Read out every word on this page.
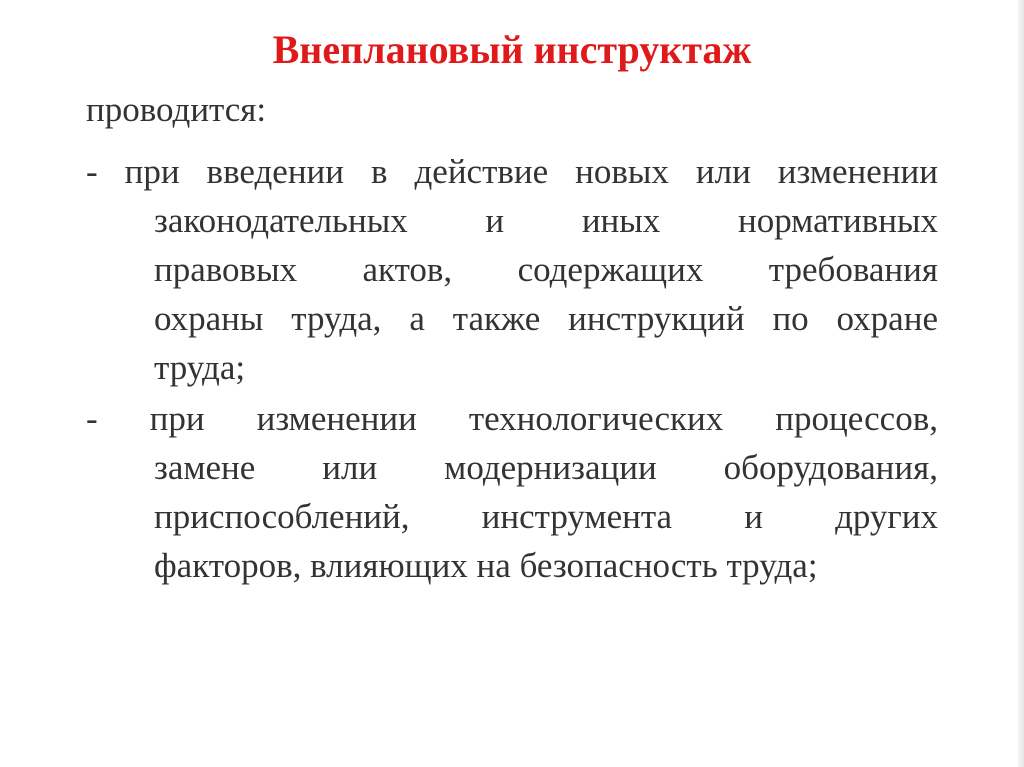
Внеплановый инструктаж

проводится:

- при введении в действие новых или изменении
законодательных и иных нормативных
правовых актов, содержащих требования
охраны труда, а также инструкций по охране
труда;
- при изменении технологических процессов,
замене или модернизации оборудования,
приспособлений, инструмента и других
факторов, влияющих на безопасность труда;
